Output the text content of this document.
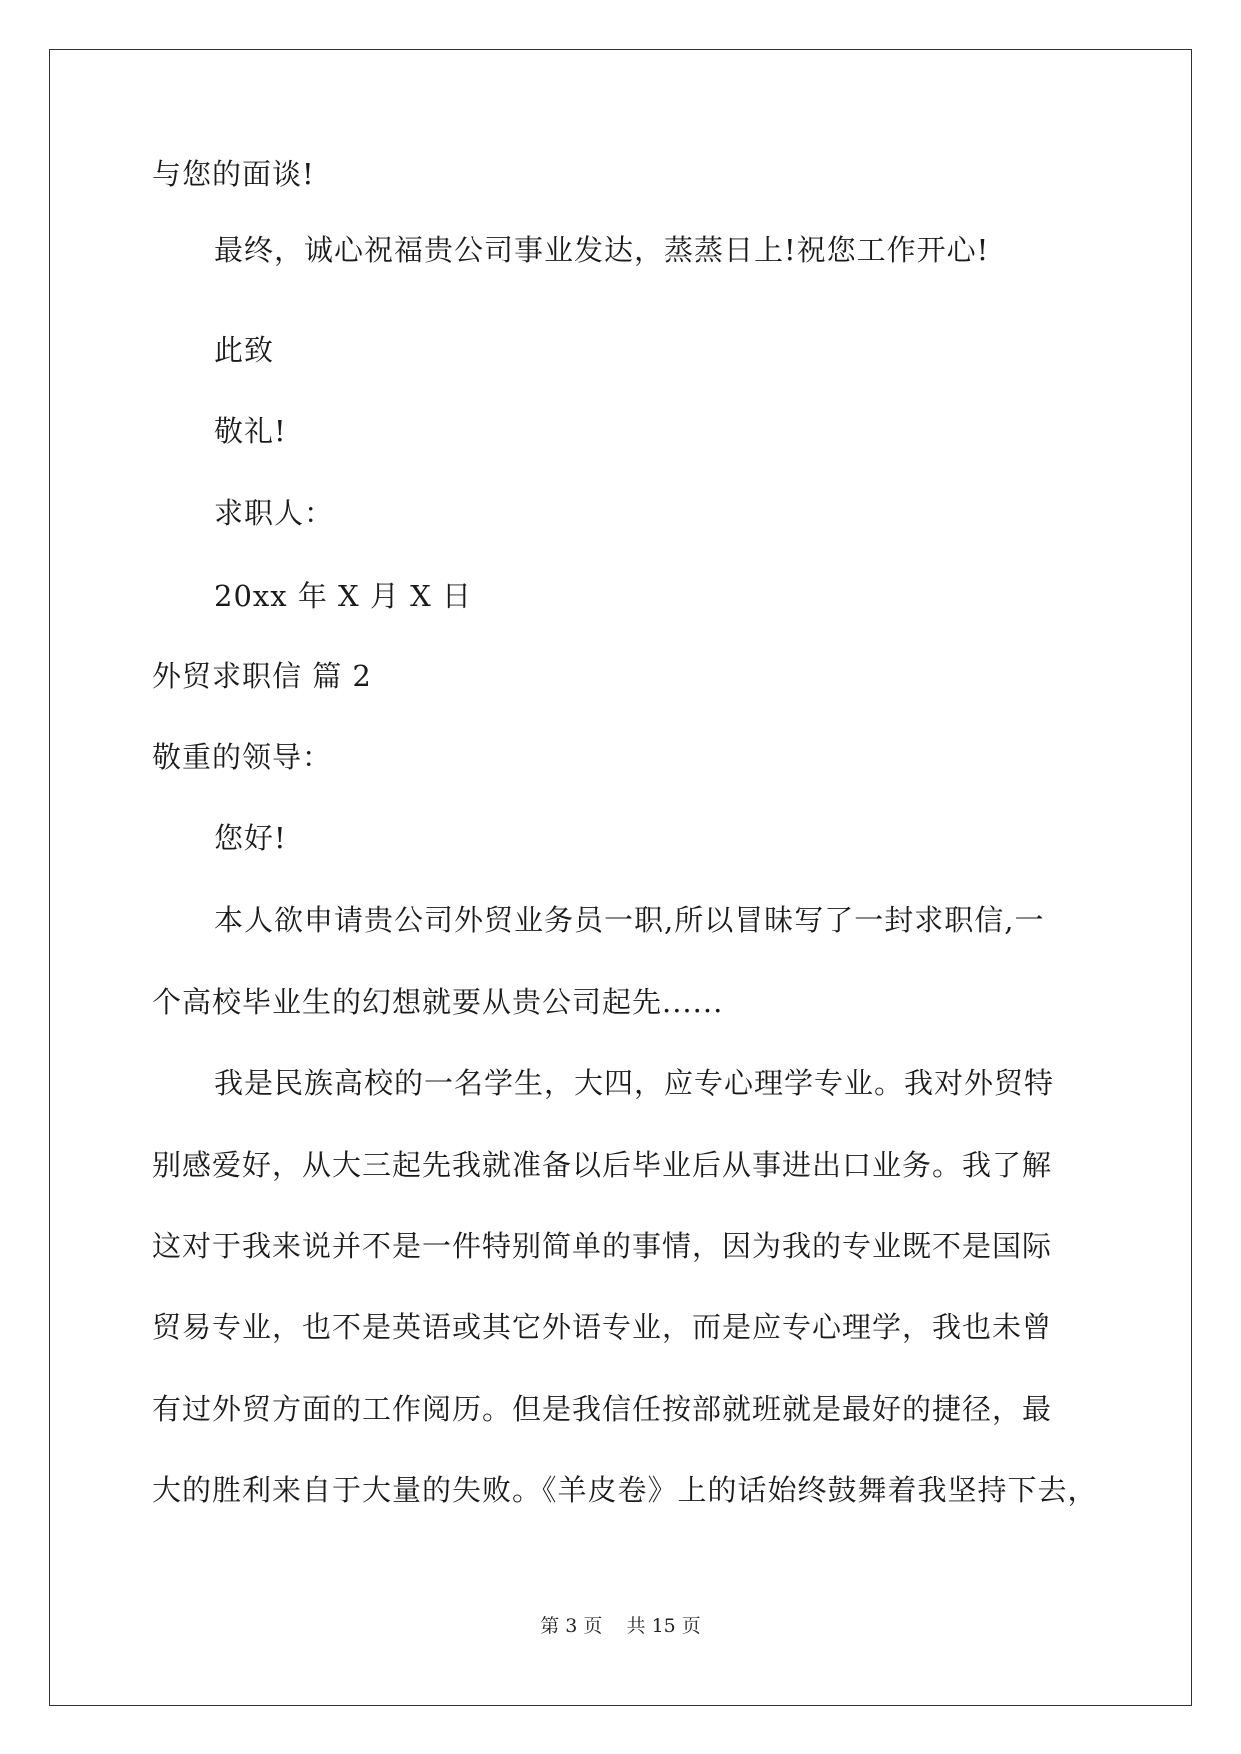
与您的面谈!
最终，诚心祝福贵公司事业发达，蒸蒸日上!祝您工作开心!
此致
敬礼!
求职人：
20xx 年 X 月 X 日
外贸求职信 篇 2
敬重的领导：
您好!
本人欲申请贵公司外贸业务员一职,所以冒昧写了一封求职信,一
个高校毕业生的幻想就要从贵公司起先......
我是民族高校的一名学生，大四，应专心理学专业。我对外贸特
别感爱好，从大三起先我就准备以后毕业后从事进出口业务。我了解
这对于我来说并不是一件特别简单的事情，因为我的专业既不是国际
贸易专业，也不是英语或其它外语专业，而是应专心理学，我也未曾
有过外贸方面的工作阅历。但是我信任按部就班就是最好的捷径，最
大的胜利来自于大量的失败。《羊皮卷》上的话始终鼓舞着我坚持下去，
第 3 页    共 15 页
